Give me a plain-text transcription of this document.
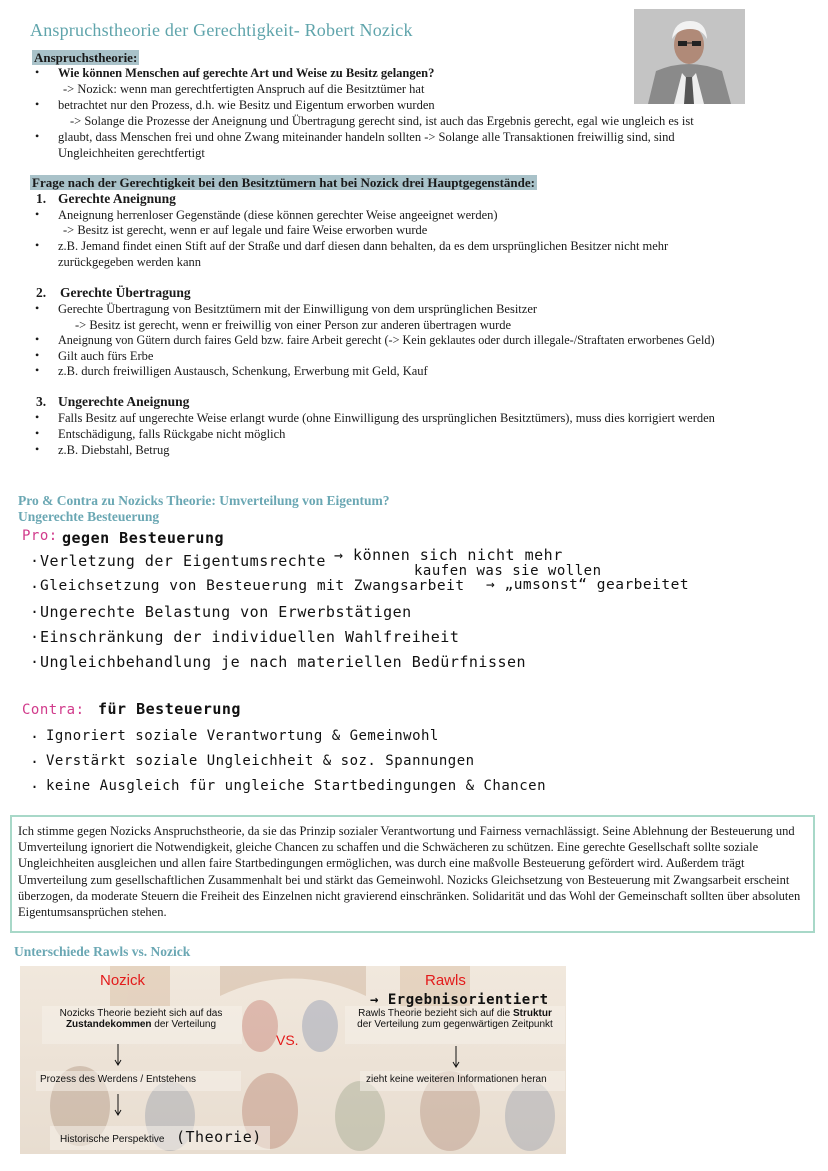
Anspruchstheorie der Gerechtigkeit- Robert Nozick
Anspruchstheorie:
• Wie können Menschen auf gerechte Art und Weise zu Besitz gelangen?
-> Nozick: wenn man gerechtfertigten Anspruch auf die Besitztümer hat
• betrachtet nur den Prozess, d.h. wie Besitz und Eigentum erworben wurden
-> Solange die Prozesse der Aneignung und Übertragung gerecht sind, ist auch das Ergebnis gerecht, egal wie ungleich es ist
• glaubt, dass Menschen frei und ohne Zwang miteinander handeln sollten -> Solange alle Transaktionen freiwillig sind, sind
Ungleichheiten gerechtfertigt
Frage nach der Gerechtigkeit bei den Besitztümern hat bei Nozick drei Hauptgegenstände:
1. Gerechte Aneignung
• Aneignung herrenloser Gegenstände (diese können gerechter Weise angeeignet werden)
-> Besitz ist gerecht, wenn er auf legale und faire Weise erworben wurde
• z.B. Jemand findet einen Stift auf der Straße und darf diesen dann behalten, da es dem ursprünglichen Besitzer nicht mehr
zurückgegeben werden kann
2. Gerechte Übertragung
• Gerechte Übertragung von Besitztümern mit der Einwilligung von dem ursprünglichen Besitzer
-> Besitz ist gerecht, wenn er freiwillig von einer Person zur anderen übertragen wurde
• Aneignung von Gütern durch faires Geld bzw. faire Arbeit gerecht (-> Kein geklautes oder durch illegale-/Straftaten erworbenes Geld)
• Gilt auch fürs Erbe
• z.B. durch freiwilligen Austausch, Schenkung, Erwerbung mit Geld, Kauf
3. Ungerechte Aneignung
• Falls Besitz auf ungerechte Weise erlangt wurde (ohne Einwilligung des ursprünglichen Besitztümers), muss dies korrigiert werden
• Entschädigung, falls Rückgabe nicht möglich
• z.B. Diebstahl, Betrug
Pro & Contra zu Nozicks Theorie: Umverteilung von Eigentum?
Ungerechte Besteuerung
Pro: gegen Besteuerung
· Verletzung der Eigentumsrechte → können sich nicht mehr
kaufen was sie wollen
· Gleichsetzung von Besteuerung mit Zwangsarbeit → „umsonst“ gearbeitet
· Ungerechte Belastung von Erwerbstätigen
· Einschränkung der individuellen Wahlfreiheit
· Ungleichbehandlung je nach materiellen Bedürfnissen
Contra: für Besteuerung
· Ignoriert soziale Verantwortung & Gemeinwohl
· Verstärkt soziale Ungleichheit & soz. Spannungen
· keine Ausgleich für ungleiche Startbedingungen & Chancen
Ich stimme gegen Nozicks Anspruchstheorie, da sie das Prinzip sozialer Verantwortung und Fairness vernachlässigt. Seine Ablehnung der Besteuerung und Umverteilung ignoriert die Notwendigkeit, gleiche Chancen zu schaffen und die Schwächeren zu schützen. Eine gerechte Gesellschaft sollte soziale Ungleichheiten ausgleichen und allen faire Startbedingungen ermöglichen, was durch eine maßvolle Besteuerung gefördert wird. Außerdem trägt Umverteilung zum gesellschaftlichen Zusammenhalt bei und stärkt das Gemeinwohl. Nozicks Gleichsetzung von Besteuerung mit Zwangsarbeit erscheint überzogen, da moderate Steuern die Freiheit des Einzelnen nicht gravierend einschränken. Solidarität und das Wohl der Gemeinschaft sollten über absoluten Eigentumsansprüchen stehen.
Unterschiede Rawls vs. Nozick
Nozick	Rawls
VS.
Nozicks Theorie bezieht sich auf das
Zustandekommen der Verteilung
Prozess des Werdens / Entstehens
Historische Perspektive (Theorie)
→ Ergebnisorientiert
Rawls Theorie bezieht sich auf die Struktur
der Verteilung zum gegenwärtigen Zeitpunkt
zieht keine weiteren Informationen heran
